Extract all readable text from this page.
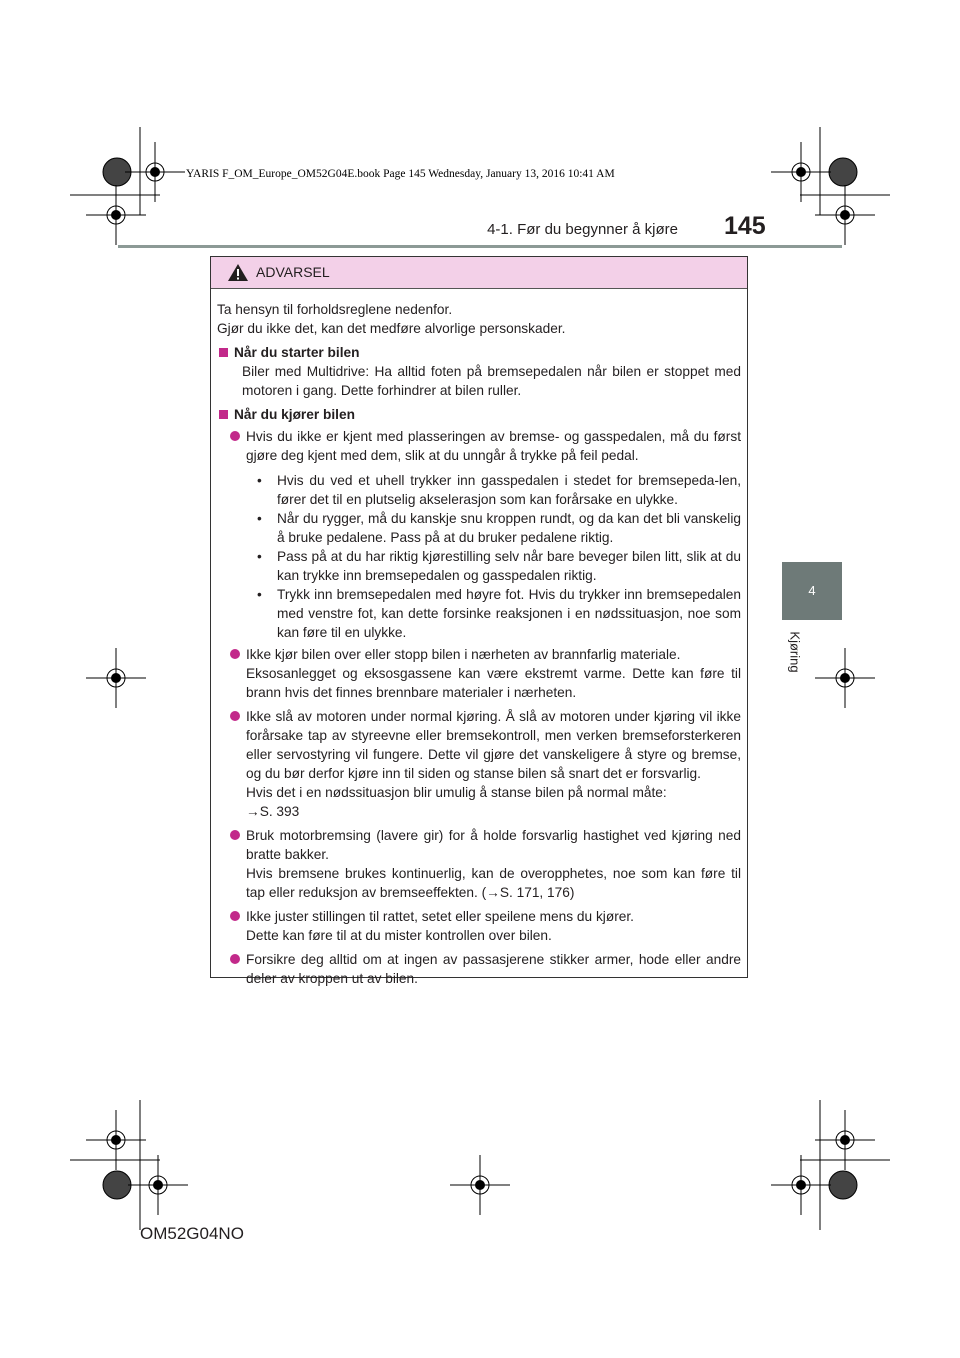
YARIS F_OM_Europe_OM52G04E.book Page 145 Wednesday, January 13, 2016 10:41 AM
4-1. Før du begynner å kjøre 145
4
Kjøring
ADVARSEL

Ta hensyn til forholdsreglene nedenfor.

Gjør du ikke det, kan det medføre alvorlige personskader.

Når du starter bilen

Biler med Multidrive: Ha alltid foten på bremsepedalen når bilen er stoppet med motoren i gang. Dette forhindrer at bilen ruller.

Når du kjører bilen
Hvis du ikke er kjent med plasseringen av bremse- og gasspedalen, må du først gjøre deg kjent med dem, slik at du unngår å trykke på feil pedal.
•	Hvis du ved et uhell trykker inn gasspedalen i stedet for bremsepeda-len, fører det til en plutselig akselerasjon som kan forårsake en ulykke.
•	Når du rygger, må du kanskje snu kroppen rundt, og da kan det bli vanskelig å bruke pedalene. Pass på at du bruker pedalene riktig.
•	Pass på at du har riktig kjørestilling selv når bare beveger bilen litt, slik at du kan trykke inn bremsepedalen og gasspedalen riktig.
•	Trykk inn bremsepedalen med høyre fot. Hvis du trykker inn bremsepedalen med venstre fot, kan dette forsinke reaksjonen i en nødssituasjon, noe som kan føre til en ulykke.
Ikke kjør bilen over eller stopp bilen i nærheten av brannfarlig materiale.
Eksosanlegget og eksosgassene kan være ekstremt varme. Dette kan føre til brann hvis det finnes brennbare materialer i nærheten.
Ikke slå av motoren under normal kjøring. Å slå av motoren under kjøring vil ikke forårsake tap av styreevne eller bremsekontroll, men verken bremseforsterkeren eller servostyring vil fungere. Dette vil gjøre det vanskeligere å styre og bremse, og du bør derfor kjøre inn til siden og stanse bilen så snart det er forsvarlig.
Hvis det i en nødssituasjon blir umulig å stanse bilen på normal måte:
→S. 393
Bruk motorbremsing (lavere gir) for å holde forsvarlig hastighet ved kjøring ned bratte bakker.
Hvis bremsene brukes kontinuerlig, kan de overopphetes, noe som kan føre til tap eller reduksjon av bremseeffekten. (→S. 171, 176)
Ikke juster stillingen til rattet, setet eller speilene mens du kjører.
Dette kan føre til at du mister kontrollen over bilen.
Forsikre deg alltid om at ingen av passasjerene stikker armer, hode eller andre deler av kroppen ut av bilen.
OM52G04NO
